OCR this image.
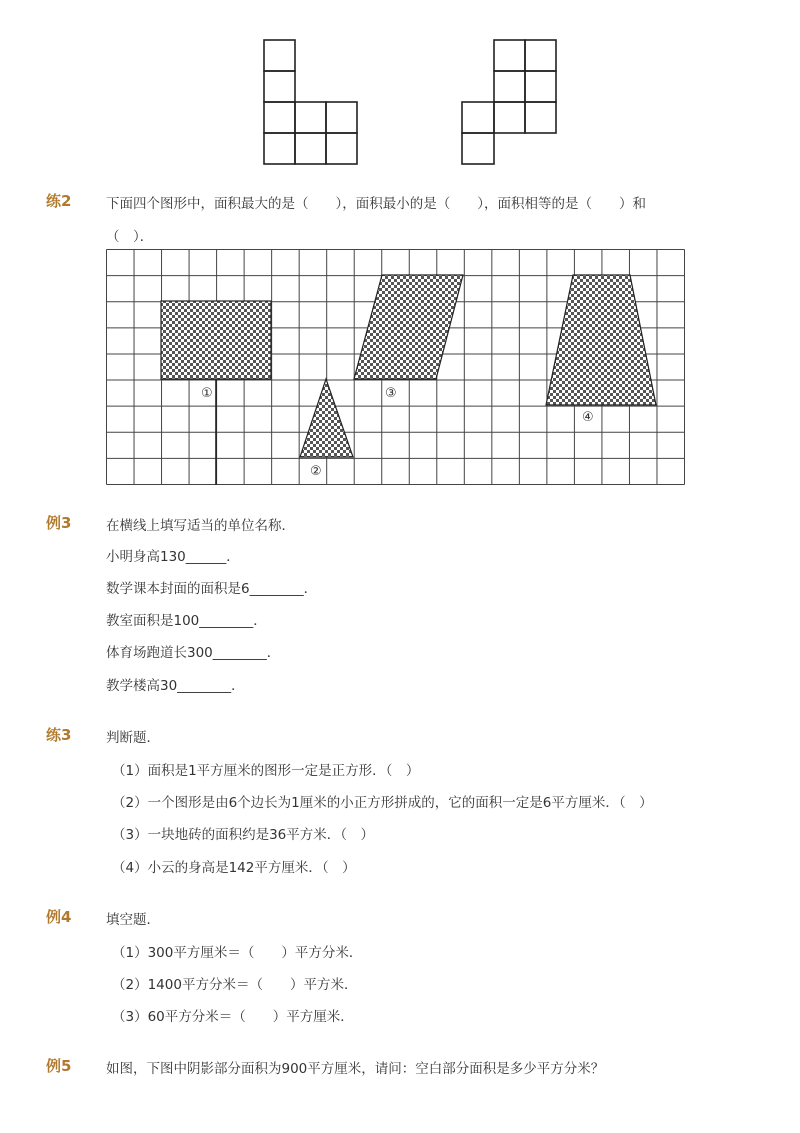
练2	下面四个图形中，面积最大的是（　　），面积最小的是（　　），面积相等的是（　　）和
（　）．
①
②
③
④
例3	在横线上填写适当的单位名称．
小明身高130______．
数学课本封面的面积是6________．
教室面积是100________．
体育场跑道长300________．
教学楼高30________．
练3	判断题．
（1）面积是1平方厘米的图形一定是正方形．（　）
（2）一个图形是由6个边长为1厘米的小正方形拼成的，它的面积一定是6平方厘米．（　）
（3）一块地砖的面积约是36平方米．（　）
（4）小云的身高是142平方厘米．（　）
例4	填空题．
（1）300平方厘米＝（　　）平方分米．
（2）1400平方分米＝（　　）平方米．
（3）60平方分米＝（　　）平方厘米．
例5	如图，下图中阴影部分面积为900平方厘米，请问：空白部分面积是多少平方分米？
